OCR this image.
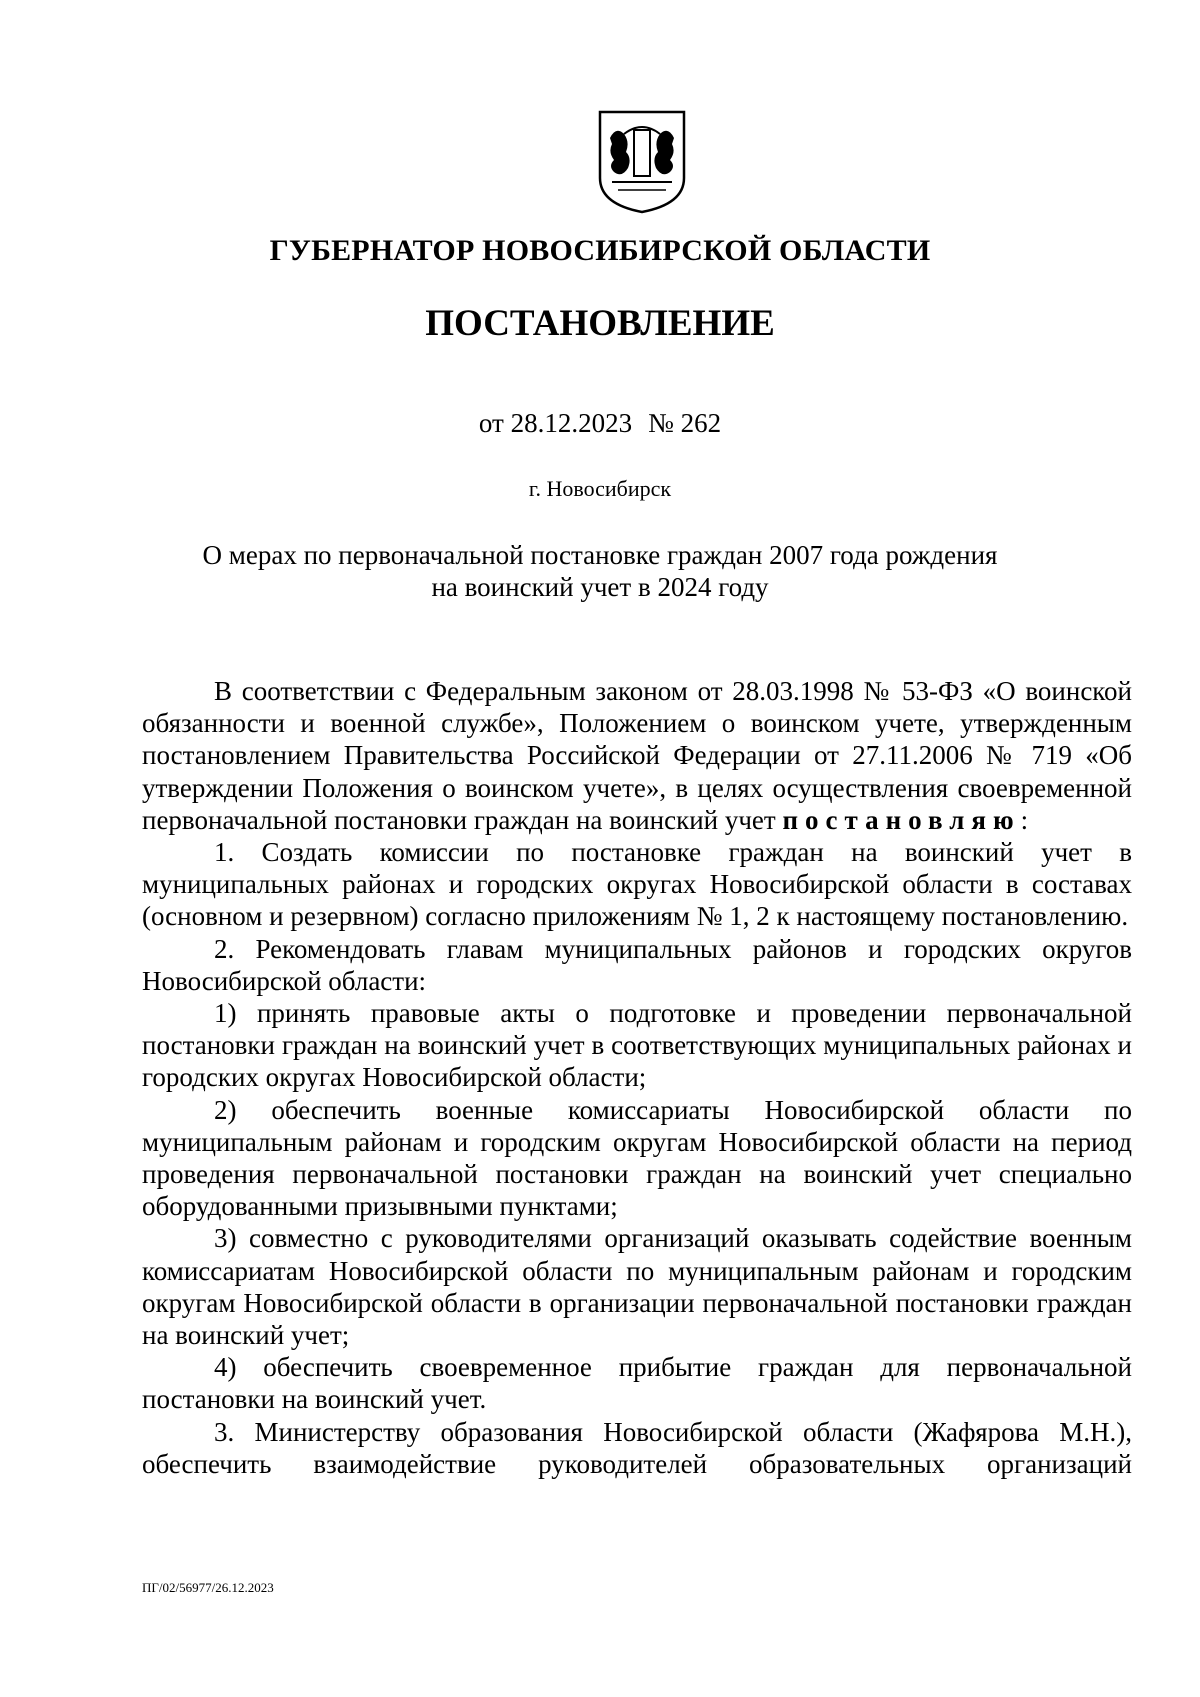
ГУБЕРНАТОР НОВОСИБИРСКОЙ ОБЛАСТИ
ПОСТАНОВЛЕНИЕ
от 28.12.2023 № 262
г. Новосибирск
О мерах по первоначальной постановке граждан 2007 года рождения
на воинский учет в 2024 году

В соответствии с Федеральным законом от 28.03.1998 № 53-ФЗ «О воинской обязанности и военной службе», Положением о воинском учете, утвержденным постановлением Правительства Российской Федерации от 27.11.2006 № 719 «Об утверждении Положения о воинском учете», в целях осуществления своевременной первоначальной постановки граждан на воинский учет постановляю:

1. Создать комиссии по постановке граждан на воинский учет в муниципальных районах и городских округах Новосибирской области в составах (основном и резервном) согласно приложениям № 1, 2 к настоящему постановлению.

2. Рекомендовать главам муниципальных районов и городских округов Новосибирской области:

1) принять правовые акты о подготовке и проведении первоначальной постановки граждан на воинский учет в соответствующих муниципальных районах и городских округах Новосибирской области;

2) обеспечить военные комиссариаты Новосибирской области по муниципальным районам и городским округам Новосибирской области на период проведения первоначальной постановки граждан на воинский учет специально оборудованными призывными пунктами;

3) совместно с руководителями организаций оказывать содействие военным комиссариатам Новосибирской области по муниципальным районам и городским округам Новосибирской области в организации первоначальной постановки граждан на воинский учет;

4) обеспечить своевременное прибытие граждан для первоначальной постановки на воинский учет.

3. Министерству образования Новосибирской области (Жафярова М.Н.), обеспечить взаимодействие руководителей образовательных организаций

ПГ/02/56977/26.12.2023
